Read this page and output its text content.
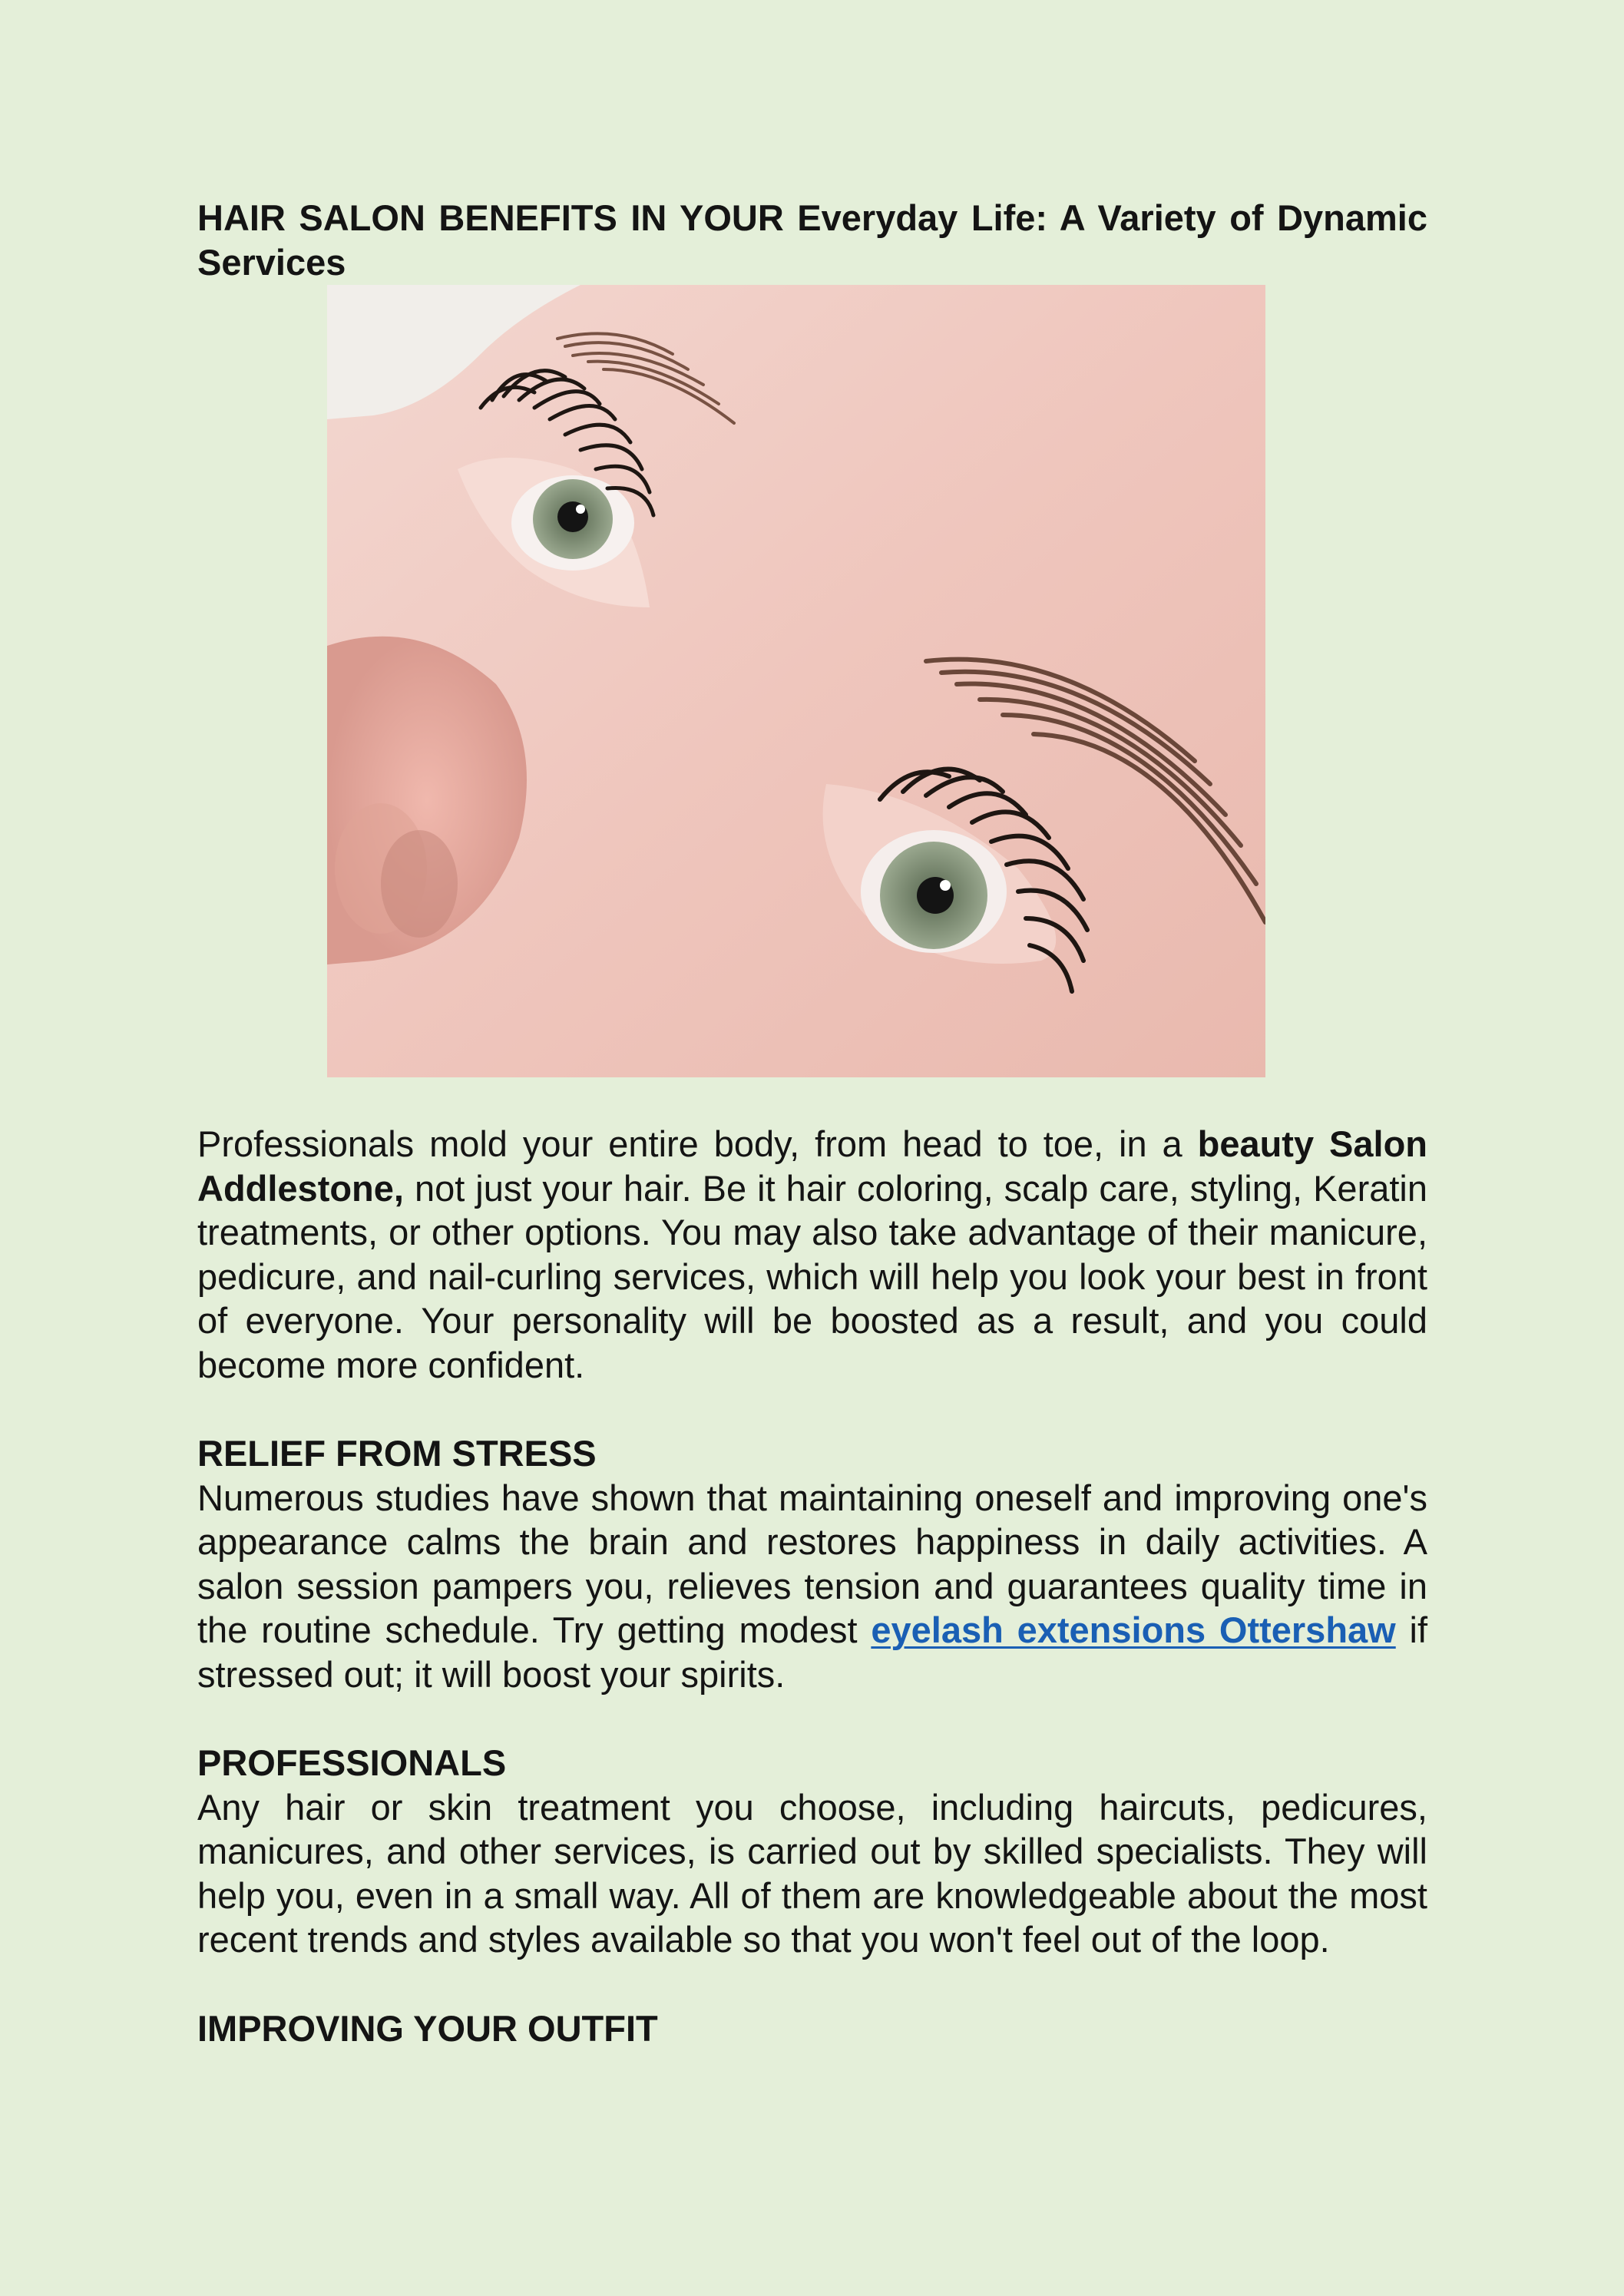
HAIR SALON BENEFITS IN YOUR Everyday Life: A Variety of Dynamic Services

Professionals mold your entire body, from head to toe, in a beauty Salon Addlestone, not just your hair. Be it hair coloring, scalp care, styling, Keratin treatments, or other options. You may also take advantage of their manicure, pedicure, and nail-curling services, which will help you look your best in front of everyone. Your personality will be boosted as a result, and you could become more confident.

RELIEF FROM STRESS

Numerous studies have shown that maintaining oneself and improving one's appearance calms the brain and restores happiness in daily activities. A salon session pampers you, relieves tension and guarantees quality time in the routine schedule. Try getting modest eyelash extensions Ottershaw if stressed out; it will boost your spirits.

PROFESSIONALS

Any hair or skin treatment you choose, including haircuts, pedicures, manicures, and other services, is carried out by skilled specialists. They will help you, even in a small way. All of them are knowledgeable about the most recent trends and styles available so that you won't feel out of the loop.

IMPROVING YOUR OUTFIT
